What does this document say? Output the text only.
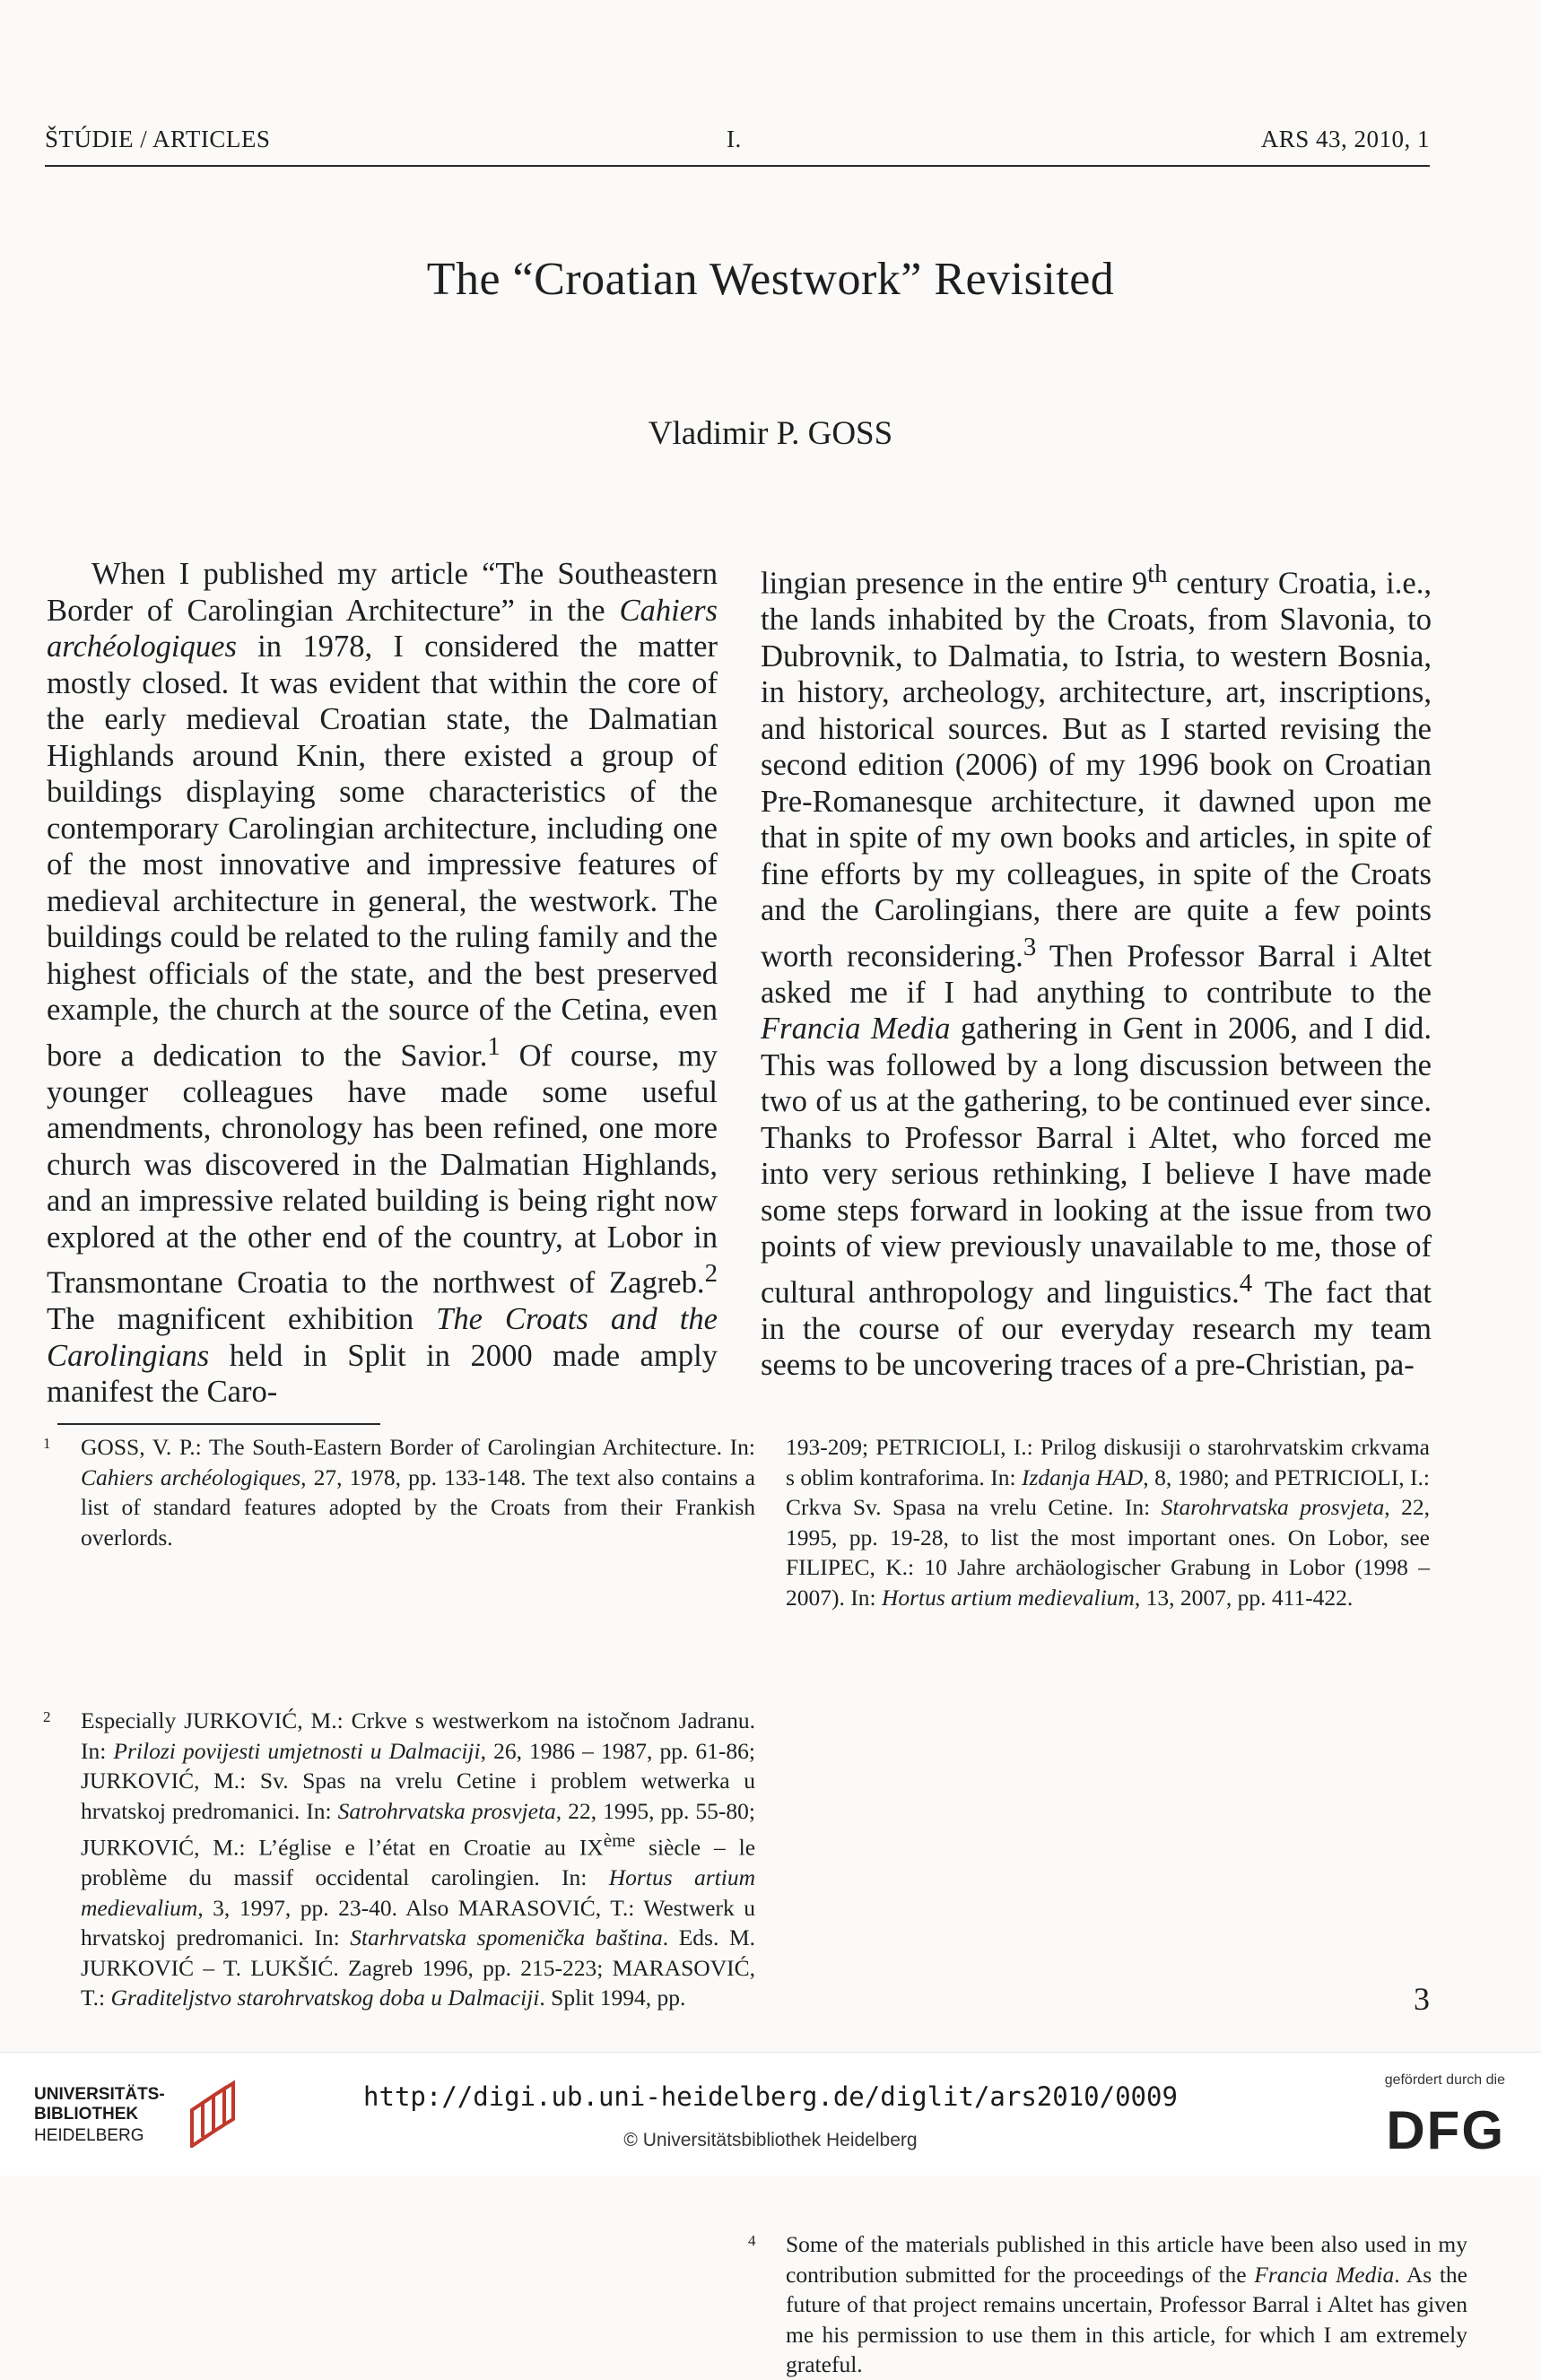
ŠTÚDIE / ARTICLES	I.	ARS 43, 2010, 1
The “Croatian Westwork” Revisited
Vladimir P. GOSS

When I published my article “The Southeastern Border of Carolingian Architecture” in the Cahiers archéologiques in 1978, I considered the matter mostly closed. It was evident that within the core of the early medieval Croatian state, the Dalmatian Highlands around Knin, there existed a group of buildings displaying some characteristics of the contemporary Carolingian architecture, including one of the most innovative and impressive features of medieval architecture in general, the westwork. The buildings could be related to the ruling family and the highest officials of the state, and the best preserved example, the church at the source of the Cetina, even bore a dedication to the Savior.$^1$ Of course, my younger colleagues have made some useful amendments, chronology has been refined, one more church was discovered in the Dalmatian Highlands, and an impressive related building is being right now explored at the other end of the country, at Lobor in Transmontane Croatia to the northwest of Zagreb.$^2$ The magnificent exhibition The Croats and the Carolingians held in Split in 2000 made amply manifest the Caro-

lingian presence in the entire 9th century Croatia, i.e., the lands inhabited by the Croats, from Slavonia, to Dubrovnik, to Dalmatia, to Istria, to western Bosnia, in history, archeology, architecture, art, inscriptions, and historical sources. But as I started revising the second edition (2006) of my 1996 book on Croatian Pre-Romanesque architecture, it dawned upon me that in spite of my own books and articles, in spite of fine efforts by my colleagues, in spite of the Croats and the Carolingians, there are quite a few points worth reconsidering.$^3$ Then Professor Barral i Altet asked me if I had anything to contribute to the Francia Media gathering in Gent in 2006, and I did. This was followed by a long discussion between the two of us at the gathering, to be continued ever since. Thanks to Professor Barral i Altet, who forced me into very serious rethinking, I believe I have made some steps forward in looking at the issue from two points of view previously unavailable to me, those of cultural anthropology and linguistics.$^4$ The fact that in the course of our everyday research my team seems to be uncovering traces of a pre-Christian, pa-

1 GOSS, V. P.: The South-Eastern Border of Carolingian Architecture. In: Cahiers archéologiques, 27, 1978, pp. 133-148. The text also contains a list of standard features adopted by the Croats from their Frankish overlords.

2 Especially JURKOVIĆ, M.: Crkve s westwerkom na istočnom Jadranu. In: Prilozi povijesti umjetnosti u Dalmaciji, 26, 1986 – 1987, pp. 61-86; JURKOVIĆ, M.: Sv. Spas na vrelu Cetine i problem wetwerka u hrvatskoj predromanici. In: Satrohrvatska prosvjeta, 22, 1995, pp. 55-80; JURKOVIĆ, M.: L’église e l’état en Croatie au IXème siècle – le problème du massif occidental carolingien. In: Hortus artium medievalium, 3, 1997, pp. 23-40. Also MARASOVIĆ, T.: Westwerk u hrvatskoj predromanici. In: Starhrvatska spomenička baština. Eds. M. JURKOVIĆ – T. LUKŠIĆ. Zagreb 1996, pp. 215-223; MARASOVIĆ, T.: Graditeljstvo starohrvatskog doba u Dalmaciji. Split 1994, pp.

193-209; PETRICIOLI, I.: Prilog diskusiji o starohrvatskim crkvama s oblim kontraforima. In: Izdanja HAD, 8, 1980; and PETRICIOLI, I.: Crkva Sv. Spasa na vrelu Cetine. In: Starohrvatska prosvjeta, 22, 1995, pp. 19-28, to list the most important ones. On Lobor, see FILIPEC, K.: 10 Jahre archäologischer Grabung in Lobor (1998 – 2007). In: Hortus artium medievalium, 13, 2007, pp. 411-422.

4 Some of the materials published in this article have been also used in my contribution submitted for the proceedings of the Francia Media. As the future of that project remains uncertain, Professor Barral i Altet has given me his permission to use them in this article, for which I am extremely grateful.

3
UNIVERSITÄTS-
BIBLIOTHEK
HEIDELBERG
http://digi.ub.uni-heidelberg.de/diglit/ars2010/0009
© Universitätsbibliothek Heidelberg
gefördert durch die
DFG
